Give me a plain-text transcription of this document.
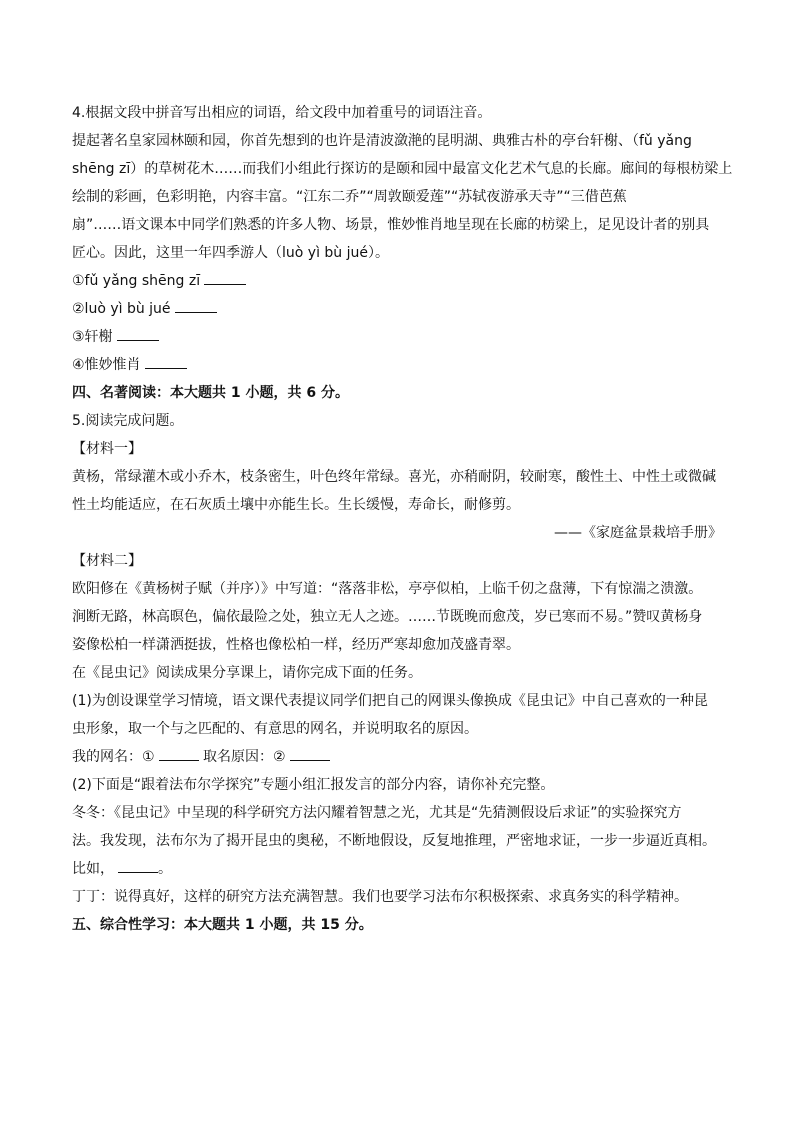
4.根据文段中拼音写出相应的词语，给文段中加着重号的词语注音。

提起著名皇家园林颐和园，你首先想到的也许是清波潋滟的昆明湖、典雅古朴的亭台轩榭、（fǔ yǎng

shēng zī）的草树花木……而我们小组此行探访的是颐和园中最富文化艺术气息的长廊。廊间的每根枋梁上

绘制的彩画，色彩明艳，内容丰富。“江东二乔”“周敦颐爱莲”“苏轼夜游承天寺”“三借芭蕉

扇”……语文课本中同学们熟悉的许多人物、场景，惟妙惟肖地呈现在长廊的枋梁上，足见设计者的别具

匠心。因此，这里一年四季游人（luò yì bù jué）。

①fǔ yǎng shēng zī

②luò yì bù jué

③轩榭

④惟妙惟肖

四、名著阅读：本大题共 1 小题，共 6 分。

5.阅读完成问题。

【材料一】

黄杨，常绿灌木或小乔木，枝条密生，叶色终年常绿。喜光，亦稍耐阴，较耐寒，酸性土、中性土或微碱

性土均能适应，在石灰质土壤中亦能生长。生长缓慢，寿命长，耐修剪。

——《家庭盆景栽培手册》

【材料二】

欧阳修在《黄杨树子赋（并序）》中写道：“落落非松，亭亭似柏，上临千仞之盘薄，下有惊湍之溃激。

涧断无路，林高暝色，偏依最险之处，独立无人之迹。……节既晚而愈茂，岁已寒而不易。”赞叹黄杨身

姿像松柏一样潇洒挺拔，性格也像松柏一样，经历严寒却愈加茂盛青翠。

在《昆虫记》阅读成果分享课上，请你完成下面的任务。

(1)为创设课堂学习情境，语文课代表提议同学们把自己的网课头像换成《昆虫记》中自己喜欢的一种昆

虫形象，取一个与之匹配的、有意思的网名，并说明取名的原因。

我的网名：①	取名原因：②

(2)下面是“跟着法布尔学探究”专题小组汇报发言的部分内容，请你补充完整。

冬冬：《昆虫记》中呈现的科学研究方法闪耀着智慧之光，尤其是“先猜测假设后求证”的实验探究方

法。我发现，法布尔为了揭开昆虫的奥秘，不断地假设，反复地推理，严密地求证，一步一步逼近真相。

比如，	。

丁丁：说得真好，这样的研究方法充满智慧。我们也要学习法布尔积极探索、求真务实的科学精神。

五、综合性学习：本大题共 1 小题，共 15 分。
